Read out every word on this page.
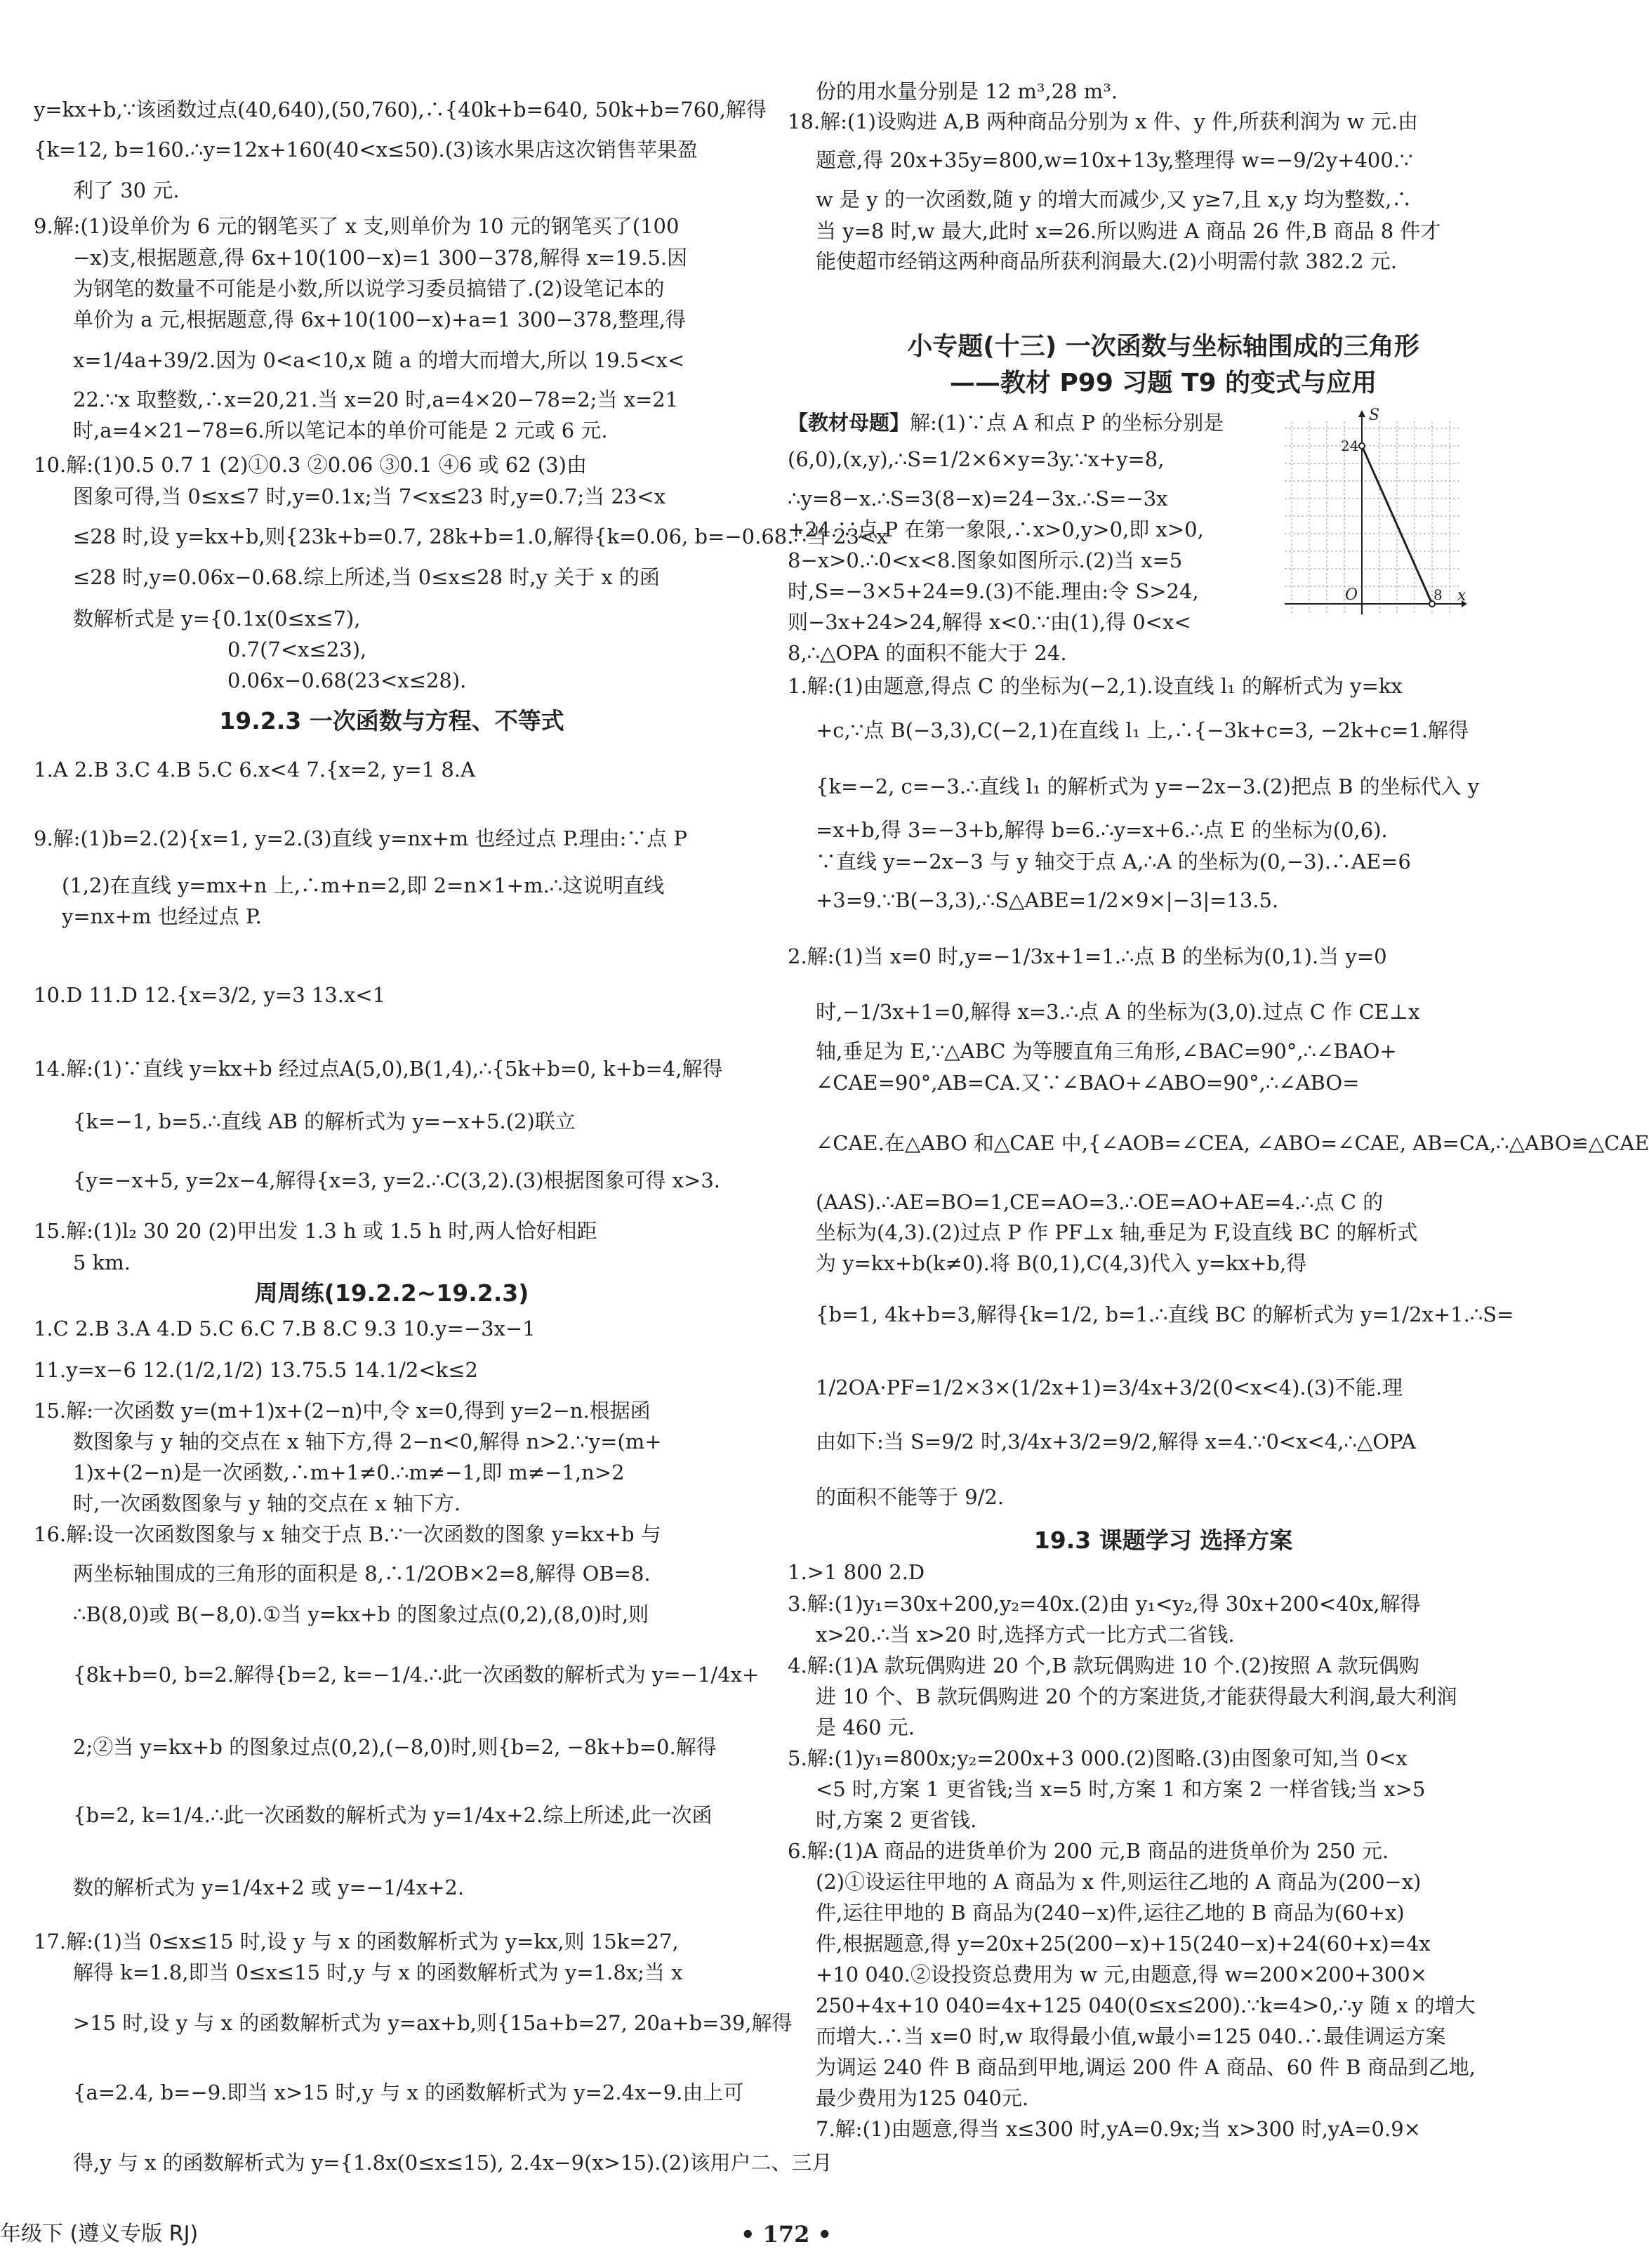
y=kx+b,∵该函数过点(40,640),(50,760),∴{40k+b=640, 50k+b=760,解得
{k=12, b=160.∴y=12x+160(40<x≤50).(3)该水果店这次销售苹果盈
利了 30 元.
9.解:(1)设单价为 6 元的钢笔买了 x 支,则单价为 10 元的钢笔买了(100
−x)支,根据题意,得 6x+10(100−x)=1 300−378,解得 x=19.5.因
为钢笔的数量不可能是小数,所以说学习委员搞错了.(2)设笔记本的
单价为 a 元,根据题意,得 6x+10(100−x)+a=1 300−378,整理,得
x=1/4a+39/2.因为 0<a<10,x 随 a 的增大而增大,所以 19.5<x<
22.∵x 取整数,∴x=20,21.当 x=20 时,a=4×20−78=2;当 x=21
时,a=4×21−78=6.所以笔记本的单价可能是 2 元或 6 元.
10.解:(1)0.5 0.7 1 (2)①0.3 ②0.06 ③0.1 ④6 或 62 (3)由
图象可得,当 0≤x≤7 时,y=0.1x;当 7<x≤23 时,y=0.7;当 23<x
≤28 时,设 y=kx+b,则{23k+b=0.7, 28k+b=1.0,解得{k=0.06, b=−0.68.∴当 23<x
≤28 时,y=0.06x−0.68.综上所述,当 0≤x≤28 时,y 关于 x 的函
数解析式是 y={0.1x(0≤x≤7),
0.7(7<x≤23),
0.06x−0.68(23<x≤28).
19.2.3 一次函数与方程、不等式
1.A 2.B 3.C 4.B 5.C 6.x<4 7.{x=2, y=1 8.A
9.解:(1)b=2.(2){x=1, y=2.(3)直线 y=nx+m 也经过点 P.理由:∵点 P
(1,2)在直线 y=mx+n 上,∴m+n=2,即 2=n×1+m.∴这说明直线
y=nx+m 也经过点 P.
10.D 11.D 12.{x=3/2, y=3 13.x<1
14.解:(1)∵直线 y=kx+b 经过点A(5,0),B(1,4),∴{5k+b=0, k+b=4,解得
{k=−1, b=5.∴直线 AB 的解析式为 y=−x+5.(2)联立
{y=−x+5, y=2x−4,解得{x=3, y=2.∴C(3,2).(3)根据图象可得 x>3.
15.解:(1)l₂ 30 20 (2)甲出发 1.3 h 或 1.5 h 时,两人恰好相距
5 km.
周周练(19.2.2~19.2.3)
1.C 2.B 3.A 4.D 5.C 6.C 7.B 8.C 9.3 10.y=−3x−1
11.y=x−6 12.(1/2,1/2) 13.75.5 14.1/2<k≤2
15.解:一次函数 y=(m+1)x+(2−n)中,令 x=0,得到 y=2−n.根据函
数图象与 y 轴的交点在 x 轴下方,得 2−n<0,解得 n>2.∵y=(m+
1)x+(2−n)是一次函数,∴m+1≠0.∴m≠−1,即 m≠−1,n>2
时,一次函数图象与 y 轴的交点在 x 轴下方.
16.解:设一次函数图象与 x 轴交于点 B.∵一次函数的图象 y=kx+b 与
两坐标轴围成的三角形的面积是 8,∴1/2OB×2=8,解得 OB=8.
∴B(8,0)或 B(−8,0).①当 y=kx+b 的图象过点(0,2),(8,0)时,则
{8k+b=0, b=2.解得{b=2, k=−1/4.∴此一次函数的解析式为 y=−1/4x+
2;②当 y=kx+b 的图象过点(0,2),(−8,0)时,则{b=2, −8k+b=0.解得
{b=2, k=1/4.∴此一次函数的解析式为 y=1/4x+2.综上所述,此一次函
数的解析式为 y=1/4x+2 或 y=−1/4x+2.
17.解:(1)当 0≤x≤15 时,设 y 与 x 的函数解析式为 y=kx,则 15k=27,
解得 k=1.8,即当 0≤x≤15 时,y 与 x 的函数解析式为 y=1.8x;当 x
>15 时,设 y 与 x 的函数解析式为 y=ax+b,则{15a+b=27, 20a+b=39,解得
{a=2.4, b=−9.即当 x>15 时,y 与 x 的函数解析式为 y=2.4x−9.由上可
得,y 与 x 的函数解析式为 y={1.8x(0≤x≤15), 2.4x−9(x>15).(2)该用户二、三月
份的用水量分别是 12 m³,28 m³.
18.解:(1)设购进 A,B 两种商品分别为 x 件、y 件,所获利润为 w 元.由
题意,得 20x+35y=800,w=10x+13y,整理得 w=−9/2y+400.∵
w 是 y 的一次函数,随 y 的增大而减少,又 y≥7,且 x,y 均为整数,∴
当 y=8 时,w 最大,此时 x=26.所以购进 A 商品 26 件,B 商品 8 件才
能使超市经销这两种商品所获利润最大.(2)小明需付款 382.2 元.
小专题(十三) 一次函数与坐标轴围成的三角形
——教材 P99 习题 T9 的变式与应用
【教材母题】解:(1)∵点 A 和点 P 的坐标分别是
(6,0),(x,y),∴S=1/2×6×y=3y.∵x+y=8,
∴y=8−x.∴S=3(8−x)=24−3x.∴S=−3x
+24.∵点 P 在第一象限,∴x>0,y>0,即 x>0,
8−x>0.∴0<x<8.图象如图所示.(2)当 x=5
时,S=−3×5+24=9.(3)不能.理由:令 S>24,
则−3x+24>24,解得 x<0.∵由(1),得 0<x<
8,∴△OPA 的面积不能大于 24.
1.解:(1)由题意,得点 C 的坐标为(−2,1).设直线 l₁ 的解析式为 y=kx
+c,∵点 B(−3,3),C(−2,1)在直线 l₁ 上,∴{−3k+c=3, −2k+c=1.解得
{k=−2, c=−3.∴直线 l₁ 的解析式为 y=−2x−3.(2)把点 B 的坐标代入 y
=x+b,得 3=−3+b,解得 b=6.∴y=x+6.∴点 E 的坐标为(0,6).
∵直线 y=−2x−3 与 y 轴交于点 A,∴A 的坐标为(0,−3).∴AE=6
+3=9.∵B(−3,3),∴S△ABE=1/2×9×|−3|=13.5.
2.解:(1)当 x=0 时,y=−1/3x+1=1.∴点 B 的坐标为(0,1).当 y=0
时,−1/3x+1=0,解得 x=3.∴点 A 的坐标为(3,0).过点 C 作 CE⊥x
轴,垂足为 E,∵△ABC 为等腰直角三角形,∠BAC=90°,∴∠BAO+
∠CAE=90°,AB=CA.又∵∠BAO+∠ABO=90°,∴∠ABO=
∠CAE.在△ABO 和△CAE 中,{∠AOB=∠CEA, ∠ABO=∠CAE, AB=CA,∴△ABO≌△CAE
(AAS).∴AE=BO=1,CE=AO=3.∴OE=AO+AE=4.∴点 C 的
坐标为(4,3).(2)过点 P 作 PF⊥x 轴,垂足为 F,设直线 BC 的解析式
为 y=kx+b(k≠0).将 B(0,1),C(4,3)代入 y=kx+b,得
{b=1, 4k+b=3,解得{k=1/2, b=1.∴直线 BC 的解析式为 y=1/2x+1.∴S=
1/2OA·PF=1/2×3×(1/2x+1)=3/4x+3/2(0<x<4).(3)不能.理
由如下:当 S=9/2 时,3/4x+3/2=9/2,解得 x=4.∵0<x<4,∴△OPA
的面积不能等于 9/2.
19.3 课题学习 选择方案
1.>1 800 2.D
3.解:(1)y₁=30x+200,y₂=40x.(2)由 y₁<y₂,得 30x+200<40x,解得
x>20.∴当 x>20 时,选择方式一比方式二省钱.
4.解:(1)A 款玩偶购进 20 个,B 款玩偶购进 10 个.(2)按照 A 款玩偶购
进 10 个、B 款玩偶购进 20 个的方案进货,才能获得最大利润,最大利润
是 460 元.
5.解:(1)y₁=800x;y₂=200x+3 000.(2)图略.(3)由图象可知,当 0<x
<5 时,方案 1 更省钱;当 x=5 时,方案 1 和方案 2 一样省钱;当 x>5
时,方案 2 更省钱.
6.解:(1)A 商品的进货单价为 200 元,B 商品的进货单价为 250 元.
(2)①设运往甲地的 A 商品为 x 件,则运往乙地的 A 商品为(200−x)
件,运往甲地的 B 商品为(240−x)件,运往乙地的 B 商品为(60+x)
件,根据题意,得 y=20x+25(200−x)+15(240−x)+24(60+x)=4x
+10 040.②设投资总费用为 w 元,由题意,得 w=200×200+300×
250+4x+10 040=4x+125 040(0≤x≤200).∵k=4>0,∴y 随 x 的增大
而增大.∴当 x=0 时,w 取得最小值,w最小=125 040.∴最佳调运方案
为调运 240 件 B 商品到甲地,调运 200 件 A 商品、60 件 B 商品到乙地,
最少费用为125 040元.
7.解:(1)由题意,得当 x≤300 时,yA=0.9x;当 x>300 时,yA=0.9×
S
x
O
24
8
年级下 (遵义专版 RJ)	• 172 •
